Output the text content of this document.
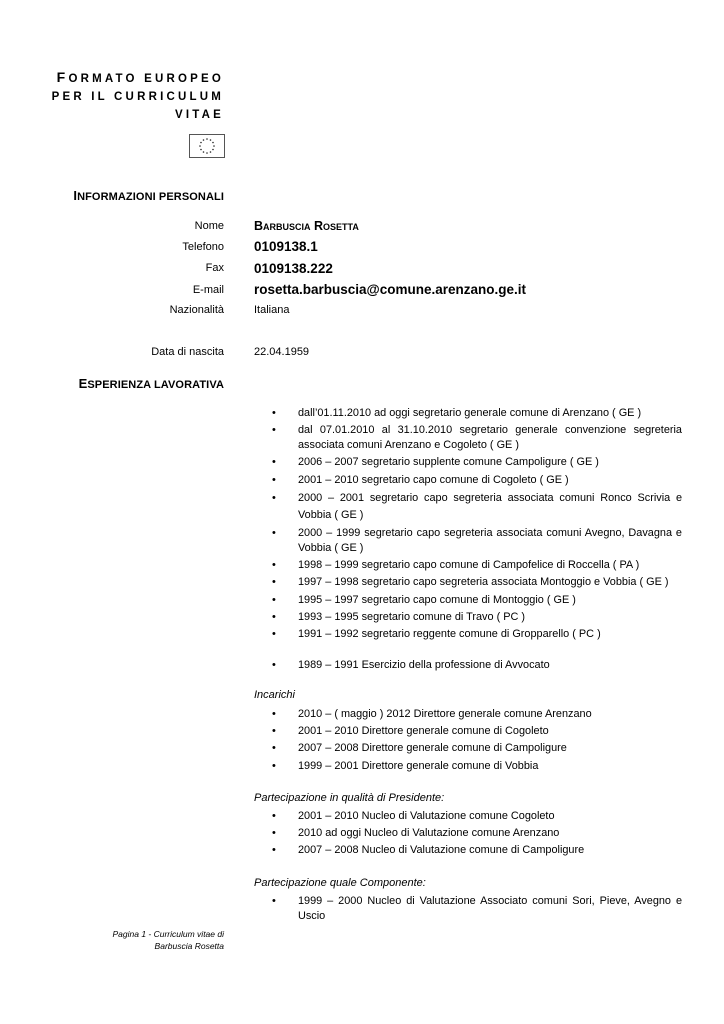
FORMATO EUROPEO
PER IL CURRICULUM
VITAE
INFORMAZIONI PERSONALI
Nome Barbuscia Rosetta
Telefono 0109138.1
Fax 0109138.222
E-mail rosetta.barbuscia@comune.arenzano.ge.it
Nazionalità	Italiana
Data di nascita	22.04.1959
ESPERIENZA LAVORATIVA
• dall’01.11.2010 ad oggi segretario generale comune di Arenzano ( GE )
• dal 07.01.2010 al 31.10.2010 segretario generale convenzione segreteria associata comuni Arenzano e Cogoleto ( GE )
• 2006 – 2007 segretario supplente comune Campoligure ( GE )
• 2001 – 2010 segretario capo comune di Cogoleto ( GE )
• 2000 – 2001 segretario capo segreteria associata comuni Ronco Scrivia e Vobbia ( GE )
• 2000 – 1999 segretario capo segreteria associata comuni Avegno, Davagna e Vobbia ( GE )
• 1998 – 1999 segretario capo comune di Campofelice di Roccella ( PA )
• 1997 – 1998 segretario capo segreteria associata Montoggio e Vobbia ( GE )
• 1995 – 1997 segretario capo comune di Montoggio ( GE )
• 1993 – 1995 segretario comune di Travo ( PC )
• 1991 – 1992 segretario reggente comune di Gropparello ( PC )
• 1989 – 1991 Esercizio della professione di Avvocato
Incarichi
• 2010 – ( maggio ) 2012 Direttore generale comune Arenzano
• 2001 – 2010 Direttore generale comune di Cogoleto
• 2007 – 2008 Direttore generale comune di Campoligure
• 1999 – 2001 Direttore generale comune di Vobbia
Partecipazione in qualità di Presidente:
• 2001 – 2010 Nucleo di Valutazione comune Cogoleto
• 2010 ad oggi Nucleo di Valutazione comune Arenzano
• 2007 – 2008 Nucleo di Valutazione comune di Campoligure
Partecipazione quale Componente:
• 1999 – 2000 Nucleo di Valutazione Associato comuni Sori, Pieve, Avegno e Uscio
Pagina 1 - Curriculum vitae di
Barbuscia Rosetta
